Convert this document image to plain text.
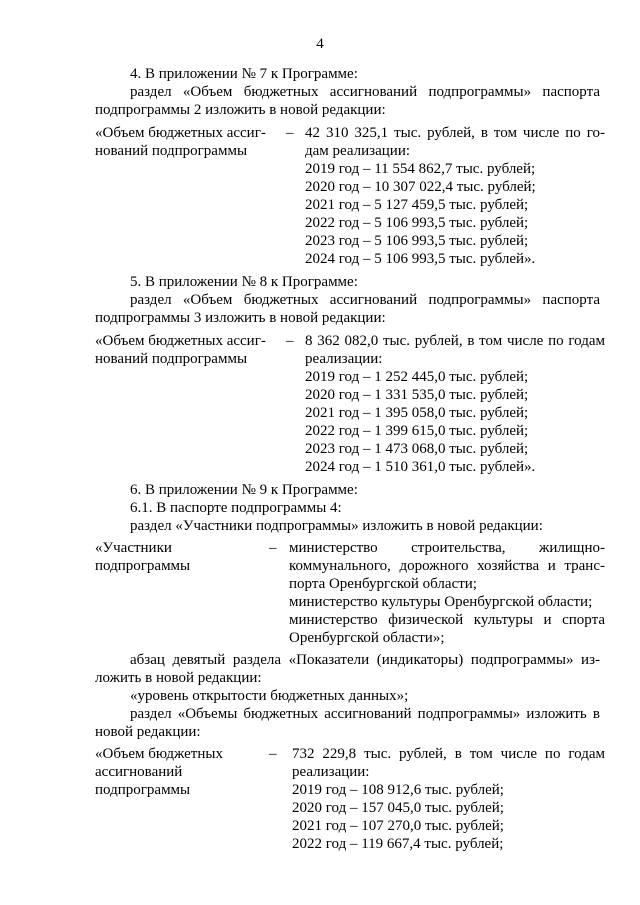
4
4. В приложении № 7 к Программе:
раздел «Объем бюджетных ассигнований подпрограммы» паспорта
подпрограммы 2 изложить в новой редакции:
«Объем бюджетных ассиг-
нований подпрограммы
– 42 310 325,1 тыс. рублей, в том числе по го-
дам реализации:
2019 год – 11 554 862,7 тыс. рублей;
2020 год – 10 307 022,4 тыс. рублей;
2021 год – 5 127 459,5 тыс. рублей;
2022 год – 5 106 993,5 тыс. рублей;
2023 год – 5 106 993,5 тыс. рублей;
2024 год – 5 106 993,5 тыс. рублей».
5. В приложении № 8 к Программе:
раздел «Объем бюджетных ассигнований подпрограммы» паспорта
подпрограммы 3 изложить в новой редакции:
«Объем бюджетных ассиг-
нований подпрограммы
– 8 362 082,0 тыс. рублей, в том числе по годам
реализации:
2019 год – 1 252 445,0 тыс. рублей;
2020 год – 1 331 535,0 тыс. рублей;
2021 год – 1 395 058,0 тыс. рублей;
2022 год – 1 399 615,0 тыс. рублей;
2023 год – 1 473 068,0 тыс. рублей;
2024 год – 1 510 361,0 тыс. рублей».
6. В приложении № 9 к Программе:
6.1. В паспорте подпрограммы 4:
раздел «Участники подпрограммы» изложить в новой редакции:
«Участники
подпрограммы
– министерство строительства, жилищно-
коммунального, дорожного хозяйства и транс-
порта Оренбургской области;
министерство культуры Оренбургской области;
министерство физической культуры и спорта
Оренбургской области»;
абзац девятый раздела «Показатели (индикаторы) подпрограммы» из-
ложить в новой редакции:
«уровень открытости бюджетных данных»;
раздел «Объемы бюджетных ассигнований подпрограммы» изложить в
новой редакции:
«Объем бюджетных
ассигнований
подпрограммы
– 732 229,8 тыс. рублей, в том числе по годам
реализации:
2019 год – 108 912,6 тыс. рублей;
2020 год – 157 045,0 тыс. рублей;
2021 год – 107 270,0 тыс. рублей;
2022 год – 119 667,4 тыс. рублей;
